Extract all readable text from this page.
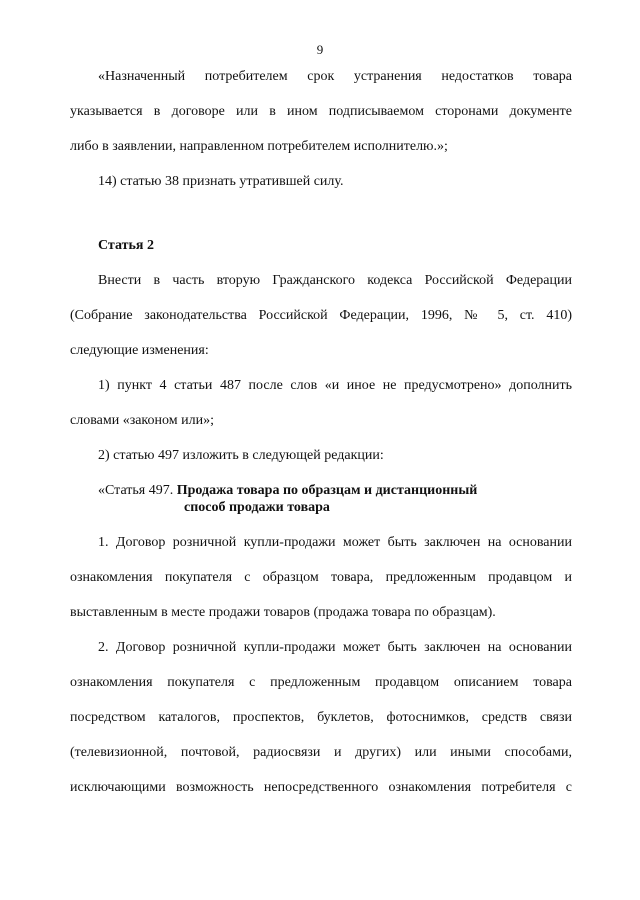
9
«Назначенный потребителем срок устранения недостатков товара
указывается в договоре или в ином подписываемом сторонами документе
либо в заявлении, направленном потребителем исполнителю.»;
14) статью 38 признать утратившей силу.
Статья 2
Внести в часть вторую Гражданского кодекса Российской Федерации
(Собрание законодательства Российской Федерации, 1996, № 5, ст. 410)
следующие изменения:
1) пункт 4 статьи 487 после слов «и иное не предусмотрено» дополнить
словами «законом или»;
2) статью 497 изложить в следующей редакции:
«Статья 497. Продажа товара по образцам и дистанционный
способ продажи товара
1. Договор розничной купли-продажи может быть заключен на основании
ознакомления покупателя с образцом товара, предложенным продавцом и
выставленным в месте продажи товаров (продажа товара по образцам).
2. Договор розничной купли-продажи может быть заключен на основании
ознакомления покупателя с предложенным продавцом описанием товара
посредством каталогов, проспектов, буклетов, фотоснимков, средств связи
(телевизионной, почтовой, радиосвязи и других) или иными способами,
исключающими возможность непосредственного ознакомления потребителя с
